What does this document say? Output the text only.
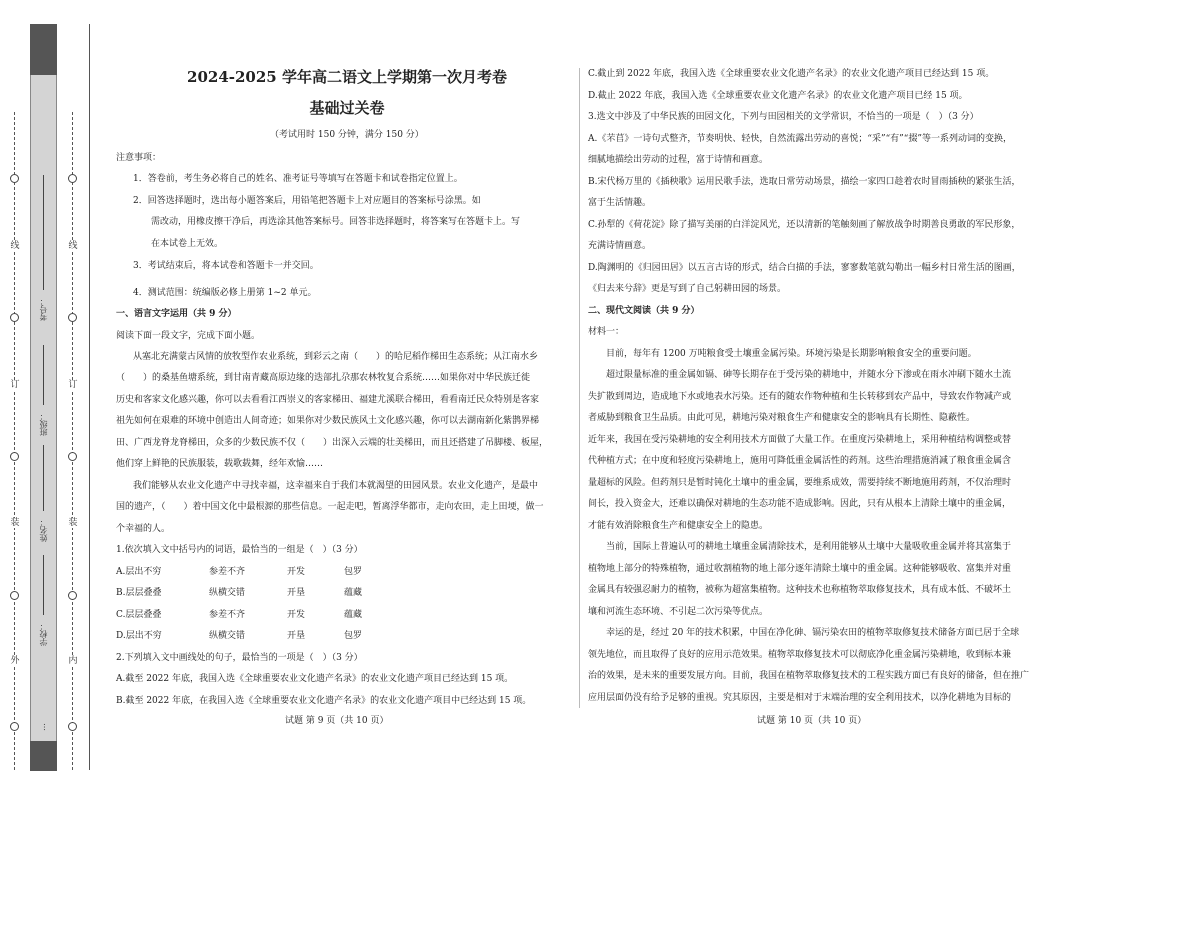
线
订
装
外
线
订
装
内
考号：
班级：
姓名：
学校：
…
2024-2025 学年高二语文上学期第一次月考卷
基础过关卷
（考试用时 150 分钟，满分 150 分）
注意事项：
1．答卷前，考生务必将自己的姓名、准考证号等填写在答题卡和试卷指定位置上。
2．回答选择题时，选出每小题答案后，用铅笔把答题卡上对应题目的答案标号涂黑。如
需改动，用橡皮擦干净后，再选涂其他答案标号。回答非选择题时，将答案写在答题卡上。写
在本试卷上无效。
3．考试结束后，将本试卷和答题卡一并交回。
4．测试范围：统编版必修上册第 1~2 单元。
一、语言文字运用（共 9 分）
阅读下面一段文字，完成下面小题。
从塞北充满蒙古风情的放牧型作农业系统，到彩云之南（　　）的哈尼稻作梯田生态系统；从江南水乡
（　　）的桑基鱼塘系统，到甘南青藏高原边缘的迭部扎尕那农林牧复合系统……如果你对中华民族迁徙
历史和客家文化感兴趣，你可以去看看江西崇义的客家梯田、福建尤溪联合梯田，看看南迁民众特别是客家
祖先如何在艰难的环境中创造出人间奇迹；如果你对少数民族风土文化感兴趣，你可以去湖南新化紫鹊界梯
田、广西龙脊龙脊梯田，众多的少数民族不仅（　　）出深入云端的壮美梯田，而且还搭建了吊脚楼、板屋，
他们穿上鲜艳的民族服装，载歌载舞，经年欢愉……
我们能够从农业文化遗产中寻找幸福，这幸福来自于我们本就渴望的田园风景。农业文化遗产，是最中
国的遗产，（　　）着中国文化中最根源的那些信息。一起走吧，暂离浮华都市，走向农田，走上田埂，做一
个幸福的人。
1.依次填入文中括号内的词语，最恰当的一组是（　）（3 分）
A.层出不穷	参差不齐	开发	包罗
B.层层叠叠	纵横交错	开垦	蕴藏
C.层层叠叠	参差不齐	开发	蕴藏
D.层出不穷	纵横交错	开垦	包罗
2.下列填入文中画线处的句子，最恰当的一项是（　）（3 分）
A.截至 2022 年底，我国入选《全球重要农业文化遗产名录》的农业文化遗产项目已经达到 15 项。
B.截至 2022 年底，在我国入选《全球重要农业文化遗产名录》的农业文化遗产项目中已经达到 15 项。
试题 第 9 页（共 10 页）
C.截止到 2022 年底，我国入选《全球重要农业文化遗产名录》的农业文化遗产项目已经达到 15 项。
D.截止 2022 年底，我国入选《全球重要农业文化遗产名录》的农业文化遗产项目已经 15 项。
3.选文中涉及了中华民族的田园文化，下列与田园相关的文学常识，不恰当的一项是（　）（3 分）
A.《芣苢》一诗句式整齐，节奏明快、轻快，自然流露出劳动的喜悦；“采”“有”“掇”等一系列动词的变换，
细腻地描绘出劳动的过程，富于诗情和画意。
B.宋代杨万里的《插秧歌》运用民歌手法，选取日常劳动场景，描绘一家四口趁着农时冒雨插秧的紧张生活，
富于生活情趣。
C.孙犁的《荷花淀》除了描写美丽的白洋淀风光，还以清新的笔触刻画了解放战争时期善良勇敢的军民形象，
充满诗情画意。
D.陶渊明的《归园田居》以五言古诗的形式，结合白描的手法，寥寥数笔就勾勒出一幅乡村日常生活的图画，
《归去来兮辞》更是写到了自己躬耕田园的场景。
二、现代文阅读（共 9 分）
材料一：
目前，每年有 1200 万吨粮食受土壤重金属污染。环境污染是长期影响粮食安全的重要问题。
超过限量标准的重金属如镉、砷等长期存在于受污染的耕地中，并随水分下渗或在雨水冲刷下随水土流
失扩散到周边，造成地下水或地表水污染。还有的随农作物种植和生长转移到农产品中，导致农作物减产或
者威胁到粮食卫生品质。由此可见，耕地污染对粮食生产和健康安全的影响具有长期性、隐蔽性。
近年来，我国在受污染耕地的安全利用技术方面做了大量工作。在重度污染耕地上，采用种植结构调整或替
代种植方式；在中度和轻度污染耕地上，施用可降低重金属活性的药剂。这些治理措施消减了粮食重金属含
量超标的风险。但药剂只是暂时钝化土壤中的重金属，要维系成效，需要持续不断地施用药剂，不仅治理时
间长，投入资金大，还难以确保对耕地的生态功能不造成影响。因此，只有从根本上清除土壤中的重金属，
才能有效消除粮食生产和健康安全上的隐患。
当前，国际上普遍认可的耕地土壤重金属清除技术，是利用能够从土壤中大量吸收重金属并将其富集于
植物地上部分的特殊植物，通过收割植物的地上部分逐年清除土壤中的重金属。这种能够吸收、富集并对重
金属具有较强忍耐力的植物，被称为超富集植物。这种技术也称植物萃取修复技术，具有成本低、不破坏土
壤和河流生态环境、不引起二次污染等优点。
幸运的是，经过 20 年的技术积累，中国在净化砷、镉污染农田的植物萃取修复技术储备方面已居于全球
领先地位，而且取得了良好的应用示范效果。植物萃取修复技术可以彻底净化重金属污染耕地，收到标本兼
治的效果，是未来的重要发展方向。目前，我国在植物萃取修复技术的工程实践方面已有良好的储备，但在推广
应用层面仍没有给予足够的重视。究其原因，主要是相对于末端治理的安全利用技术，以净化耕地为目标的
试题 第 10 页（共 10 页）
